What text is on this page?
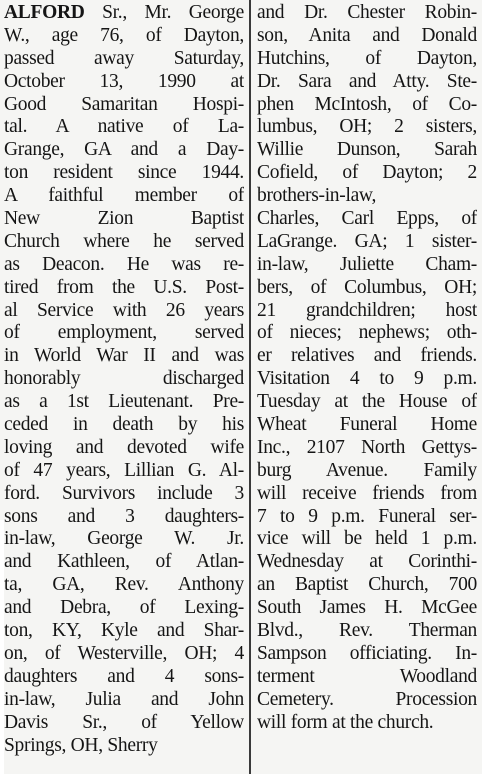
ALFORD Sr., Mr. George
W., age 76, of Dayton,
passed away Saturday,
October 13, 1990 at
Good Samaritan Hospi-
tal. A native of La-
Grange, GA and a Day-
ton resident since 1944.
A faithful member of
New Zion Baptist
Church where he served
as Deacon. He was re-
tired from the U.S. Post-
al Service with 26 years
of employment, served
in World War II and was
honorably discharged
as a 1st Lieutenant. Pre-
ceded in death by his
loving and devoted wife
of 47 years, Lillian G. Al-
ford. Survivors include 3
sons and 3 daughters-
in-law, George W. Jr.
and Kathleen, of Atlan-
ta, GA, Rev. Anthony
and Debra, of Lexing-
ton, KY, Kyle and Shar-
on, of Westerville, OH; 4
daughters and 4 sons-
in-law, Julia and John
Davis Sr., of Yellow
Springs, OH, Sherry
and Dr. Chester Robin-
son, Anita and Donald
Hutchins, of Dayton,
Dr. Sara and Atty. Ste-
phen McIntosh, of Co-
lumbus, OH; 2 sisters,
Willie Dunson, Sarah
Cofield, of Dayton; 2
brothers-in-law,
Charles, Carl Epps, of
LaGrange. GA; 1 sister-
in-law, Juliette Cham-
bers, of Columbus, OH;
21 grandchildren; host
of nieces; nephews; oth-
er relatives and friends.
Visitation 4 to 9 p.m.
Tuesday at the House of
Wheat Funeral Home
Inc., 2107 North Gettys-
burg Avenue. Family
will receive friends from
7 to 9 p.m. Funeral ser-
vice will be held 1 p.m.
Wednesday at Corinthi-
an Baptist Church, 700
South James H. McGee
Blvd., Rev. Therman
Sampson officiating. In-
terment Woodland
Cemetery. Procession
will form at the church.
